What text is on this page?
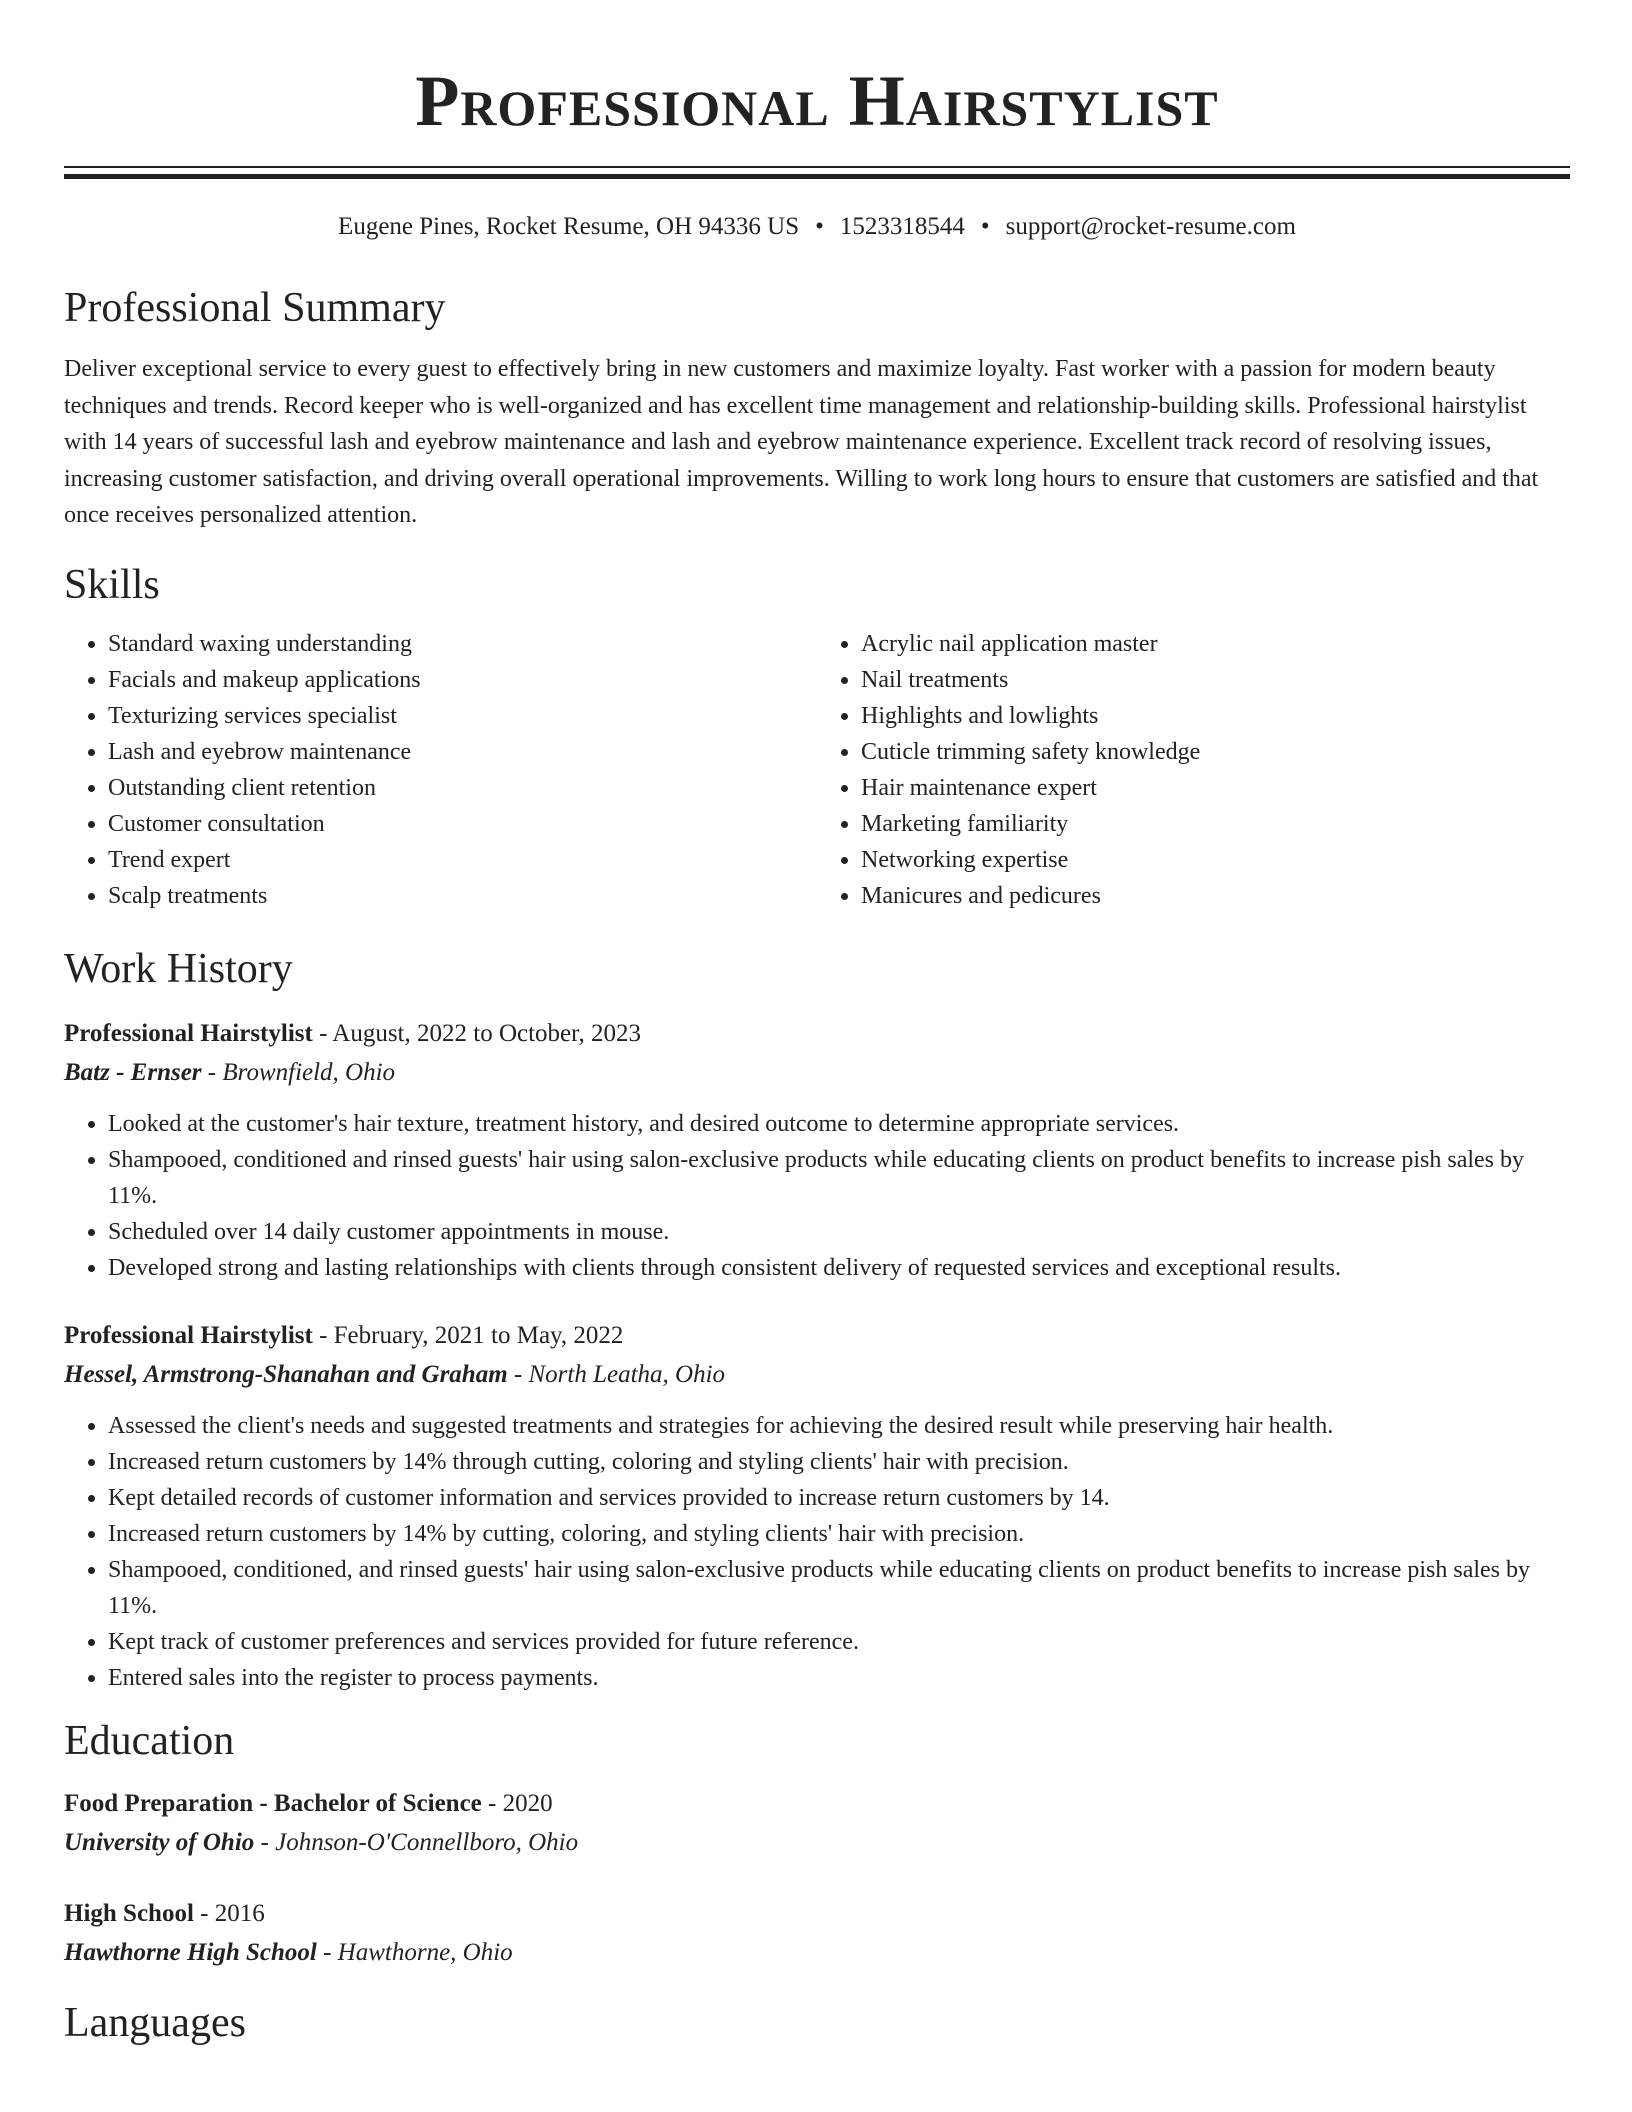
Professional Hairstylist
Eugene Pines, Rocket Resume, OH 94336 US • 1523318544 • support@rocket-resume.com
Professional Summary

Deliver exceptional service to every guest to effectively bring in new customers and maximize loyalty. Fast worker with a passion for modern beauty techniques and trends. Record keeper who is well-organized and has excellent time management and relationship-building skills. Professional hairstylist with 14 years of successful lash and eyebrow maintenance and lash and eyebrow maintenance experience. Excellent track record of resolving issues, increasing customer satisfaction, and driving overall operational improvements. Willing to work long hours to ensure that customers are satisfied and that once receives personalized attention.

Skills
• Standard waxing understanding
• Facials and makeup applications
• Texturizing services specialist
• Lash and eyebrow maintenance
• Outstanding client retention
• Customer consultation
• Trend expert
• Scalp treatments
• Acrylic nail application master
• Nail treatments
• Highlights and lowlights
• Cuticle trimming safety knowledge
• Hair maintenance expert
• Marketing familiarity
• Networking expertise
• Manicures and pedicures
Work History
Professional Hairstylist - August, 2022 to October, 2023
Batz - Ernser - Brownfield, Ohio
• Looked at the customer's hair texture, treatment history, and desired outcome to determine appropriate services.
• Shampooed, conditioned and rinsed guests' hair using salon-exclusive products while educating clients on product benefits to increase pish sales by 11%.
• Scheduled over 14 daily customer appointments in mouse.
• Developed strong and lasting relationships with clients through consistent delivery of requested services and exceptional results.
Professional Hairstylist - February, 2021 to May, 2022
Hessel, Armstrong-Shanahan and Graham - North Leatha, Ohio
• Assessed the client's needs and suggested treatments and strategies for achieving the desired result while preserving hair health.
• Increased return customers by 14% through cutting, coloring and styling clients' hair with precision.
• Kept detailed records of customer information and services provided to increase return customers by 14.
• Increased return customers by 14% by cutting, coloring, and styling clients' hair with precision.
• Shampooed, conditioned, and rinsed guests' hair using salon-exclusive products while educating clients on product benefits to increase pish sales by 11%.
• Kept track of customer preferences and services provided for future reference.
• Entered sales into the register to process payments.
Education
Food Preparation - Bachelor of Science - 2020
University of Ohio - Johnson-O'Connellboro, Ohio
High School - 2016
Hawthorne High School - Hawthorne, Ohio
Languages
